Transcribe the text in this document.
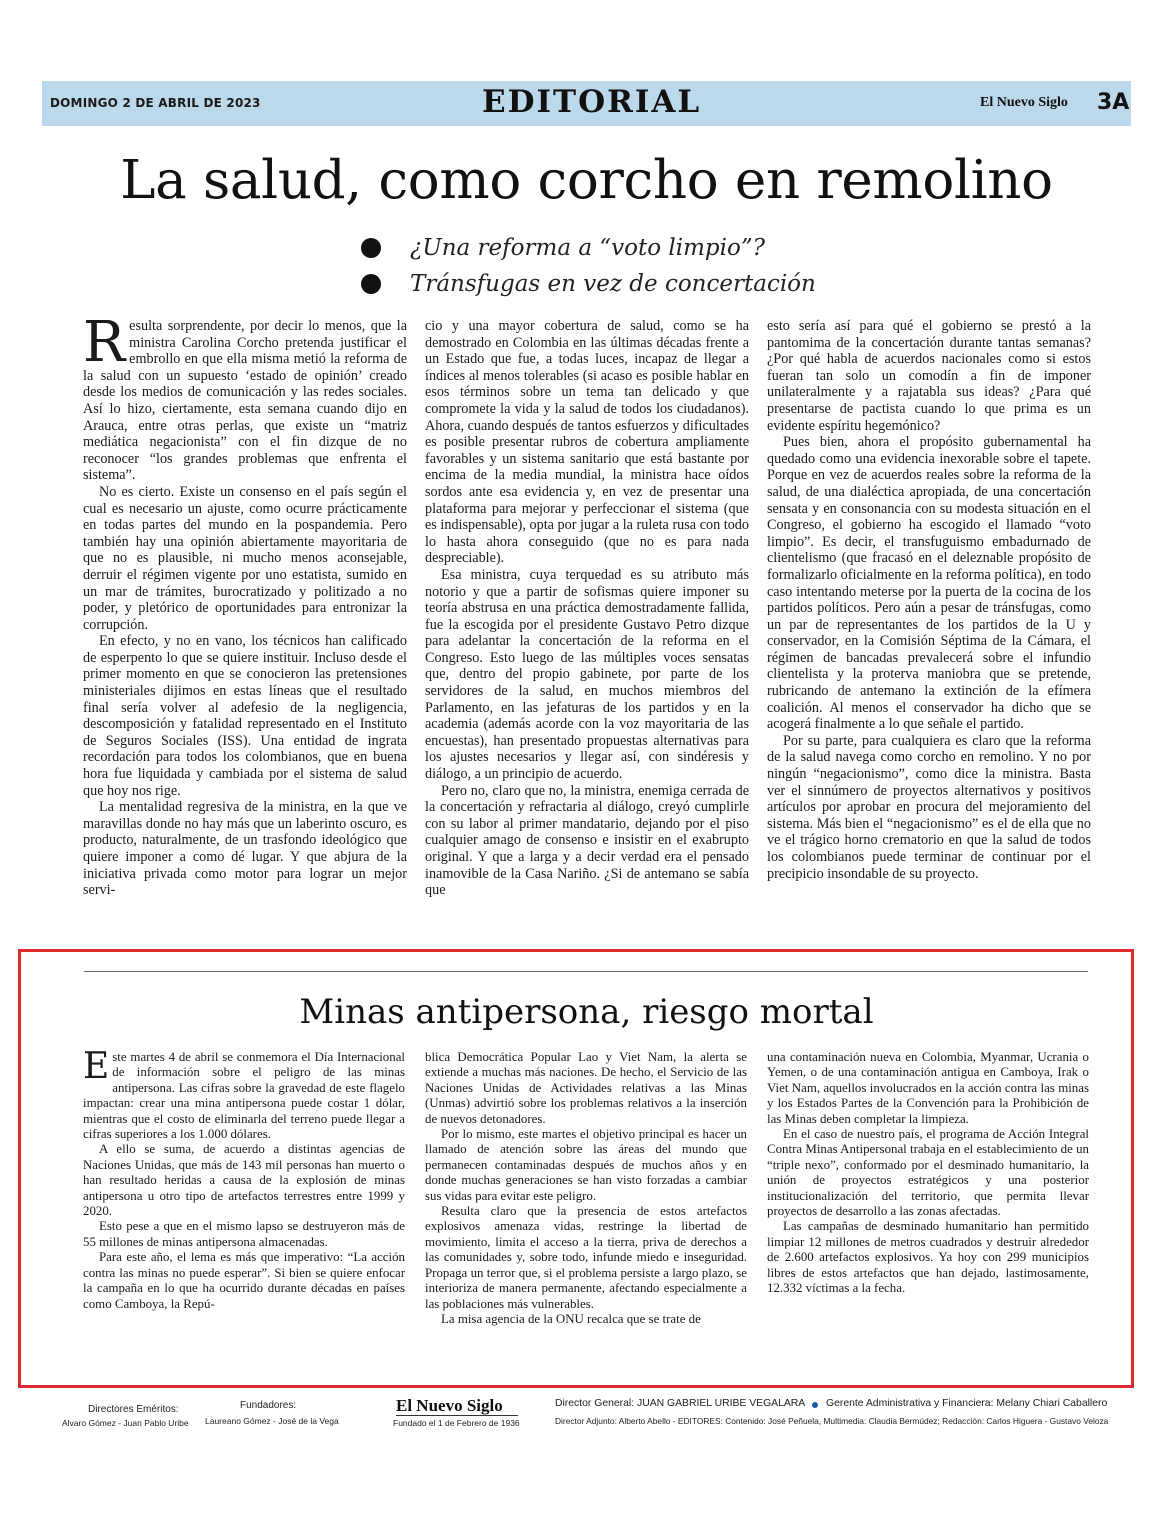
DOMINGO 2 DE ABRIL DE 2023	EDITORIAL	El Nuevo Siglo 3A
La salud, como corcho en remolino
¿Una reforma a “voto limpio”?
Tránsfugas en vez de concertación

Resulta sorprendente, por decir lo menos, que la ministra Carolina Corcho pretenda justificar el embrollo en que ella misma metió la reforma de la salud con un supuesto ‘estado de opinión’ creado desde los medios de comunicación y las redes sociales. Así lo hizo, ciertamente, esta semana cuando dijo en Arauca, entre otras perlas, que existe un “matriz mediática negacionista” con el fin dizque de no reconocer “los grandes problemas que enfrenta el sistema”.

No es cierto. Existe un consenso en el país según el cual es necesario un ajuste, como ocurre prácticamente en todas partes del mundo en la pospandemia. Pero también hay una opinión abiertamente mayoritaria de que no es plausible, ni mucho menos aconsejable, derruir el régimen vigente por uno estatista, sumido en un mar de trámites, burocratizado y politizado a no poder, y pletórico de oportunidades para entronizar la corrupción.

En efecto, y no en vano, los técnicos han calificado de esperpento lo que se quiere instituir. Incluso desde el primer momento en que se conocieron las pretensiones ministeriales dijimos en estas líneas que el resultado final sería volver al adefesio de la negligencia, descomposición y fatalidad representado en el Instituto de Seguros Sociales (ISS). Una entidad de ingrata recordación para todos los colombianos, que en buena hora fue liquidada y cambiada por el sistema de salud que hoy nos rige.

La mentalidad regresiva de la ministra, en la que ve maravillas donde no hay más que un laberinto oscuro, es producto, naturalmente, de un trasfondo ideológico que quiere imponer a como dé lugar. Y que abjura de la iniciativa privada como motor para lograr un mejor servi-

cio y una mayor cobertura de salud, como se ha demostrado en Colombia en las últimas décadas frente a un Estado que fue, a todas luces, incapaz de llegar a índices al menos tolerables (si acaso es posible hablar en esos términos sobre un tema tan delicado y que compromete la vida y la salud de todos los ciudadanos). Ahora, cuando después de tantos esfuerzos y dificultades es posible presentar rubros de cobertura ampliamente favorables y un sistema sanitario que está bastante por encima de la media mundial, la ministra hace oídos sordos ante esa evidencia y, en vez de presentar una plataforma para mejorar y perfeccionar el sistema (que es indispensable), opta por jugar a la ruleta rusa con todo lo hasta ahora conseguido (que no es para nada despreciable).

Esa ministra, cuya terquedad es su atributo más notorio y que a partir de sofismas quiere imponer su teoría abstrusa en una práctica demostradamente fallida, fue la escogida por el presidente Gustavo Petro dizque para adelantar la concertación de la reforma en el Congreso. Esto luego de las múltiples voces sensatas que, dentro del propio gabinete, por parte de los servidores de la salud, en muchos miembros del Parlamento, en las jefaturas de los partidos y en la academia (además acorde con la voz mayoritaria de las encuestas), han presentado propuestas alternativas para los ajustes necesarios y llegar así, con sindéresis y diálogo, a un principio de acuerdo.

Pero no, claro que no, la ministra, enemiga cerrada de la concertación y refractaria al diálogo, creyó cumplirle con su labor al primer mandatario, dejando por el piso cualquier amago de consenso e insistir en el exabrupto original. Y que a larga y a decir verdad era el pensado inamovible de la Casa Nariño. ¿Si de antemano se sabía que

esto sería así para qué el gobierno se prestó a la pantomima de la concertación durante tantas semanas? ¿Por qué habla de acuerdos nacionales como si estos fueran tan solo un comodín a fin de imponer unilateralmente y a rajatabla sus ideas? ¿Para qué presentarse de pactista cuando lo que prima es un evidente espíritu hegemónico?

Pues bien, ahora el propósito gubernamental ha quedado como una evidencia inexorable sobre el tapete. Porque en vez de acuerdos reales sobre la reforma de la salud, de una dialéctica apropiada, de una concertación sensata y en consonancia con su modesta situación en el Congreso, el gobierno ha escogido el llamado “voto limpio”. Es decir, el transfuguismo embadurnado de clientelismo (que fracasó en el deleznable propósito de formalizarlo oficialmente en la reforma política), en todo caso intentando meterse por la puerta de la cocina de los partidos políticos. Pero aún a pesar de tránsfugas, como un par de representantes de los partidos de la U y conservador, en la Comisión Séptima de la Cámara, el régimen de bancadas prevalecerá sobre el infundio clientelista y la proterva maniobra que se pretende, rubricando de antemano la extinción de la efímera coalición. Al menos el conservador ha dicho que se acogerá finalmente a lo que señale el partido.

Por su parte, para cualquiera es claro que la reforma de la salud navega como corcho en remolino. Y no por ningún “negacionismo”, como dice la ministra. Basta ver el sinnúmero de proyectos alternativos y positivos artículos por aprobar en procura del mejoramiento del sistema. Más bien el “negacionismo” es el de ella que no ve el trágico horno crematorio en que la salud de todos los colombianos puede terminar de continuar por el precipicio insondable de su proyecto.

Minas antipersona, riesgo mortal

Este martes 4 de abril se conmemora el Día Internacional de información sobre el peligro de las minas antipersona. Las cifras sobre la gravedad de este flagelo impactan: crear una mina antipersona puede costar 1 dólar, mientras que el costo de eliminarla del terreno puede llegar a cifras superiores a los 1.000 dólares.

A ello se suma, de acuerdo a distintas agencias de Naciones Unidas, que más de 143 mil personas han muerto o han resultado heridas a causa de la explosión de minas antipersona u otro tipo de artefactos terrestres entre 1999 y 2020.

Esto pese a que en el mismo lapso se destruyeron más de 55 millones de minas antipersona almacenadas.

Para este año, el lema es más que imperativo: “La acción contra las minas no puede esperar”. Si bien se quiere enfocar la campaña en lo que ha ocurrido durante décadas en países como Camboya, la Repú-

blica Democrática Popular Lao y Viet Nam, la alerta se extiende a muchas más naciones. De hecho, el Servicio de las Naciones Unidas de Actividades relativas a las Minas (Unmas) advirtió sobre los problemas relativos a la inserción de nuevos detonadores.

Por lo mismo, este martes el objetivo principal es hacer un llamado de atención sobre las áreas del mundo que permanecen contaminadas después de muchos años y en donde muchas generaciones se han visto forzadas a cambiar sus vidas para evitar este peligro.

Resulta claro que la presencia de estos artefactos explosivos amenaza vidas, restringe la libertad de movimiento, limita el acceso a la tierra, priva de derechos a las comunidades y, sobre todo, infunde miedo e inseguridad. Propaga un terror que, si el problema persiste a largo plazo, se interioriza de manera permanente, afectando especialmente a las poblaciones más vulnerables.

La misa agencia de la ONU recalca que se trate de

una contaminación nueva en Colombia, Myanmar, Ucrania o Yemen, o de una contaminación antigua en Camboya, Irak o Viet Nam, aquellos involucrados en la acción contra las minas y los Estados Partes de la Convención para la Prohibición de las Minas deben completar la limpieza.

En el caso de nuestro país, el programa de Acción Integral Contra Minas Antipersonal trabaja en el establecimiento de un “triple nexo”, conformado por el desminado humanitario, la unión de proyectos estratégicos y una posterior institucionalización del territorio, que permita llevar proyectos de desarrollo a las zonas afectadas.

Las campañas de desminado humanitario han permitido limpiar 12 millones de metros cuadrados y destruir alrededor de 2.600 artefactos explosivos. Ya hoy con 299 municipios libres de estos artefactos que han dejado, lastimosamente, 12.332 víctimas a la fecha.

Directores Eméritos:
Alvaro Gómez - Juan Pablo Uribe
Fundadores:
Laureano Gómez - José de la Vega
El Nuevo Siglo
Fundado el 1 de Febrero de 1936
Director General: JUAN GABRIEL URIBE VEGALARA Gerente Administrativa y Financiera: Melany Chiari Caballero
Director Adjunto: Alberto Abello - EDITORES: Contenido: José Peñuela, Multimedia: Claudia Bermúdez; Redacción: Carlos Higuera - Gustavo Veloza
